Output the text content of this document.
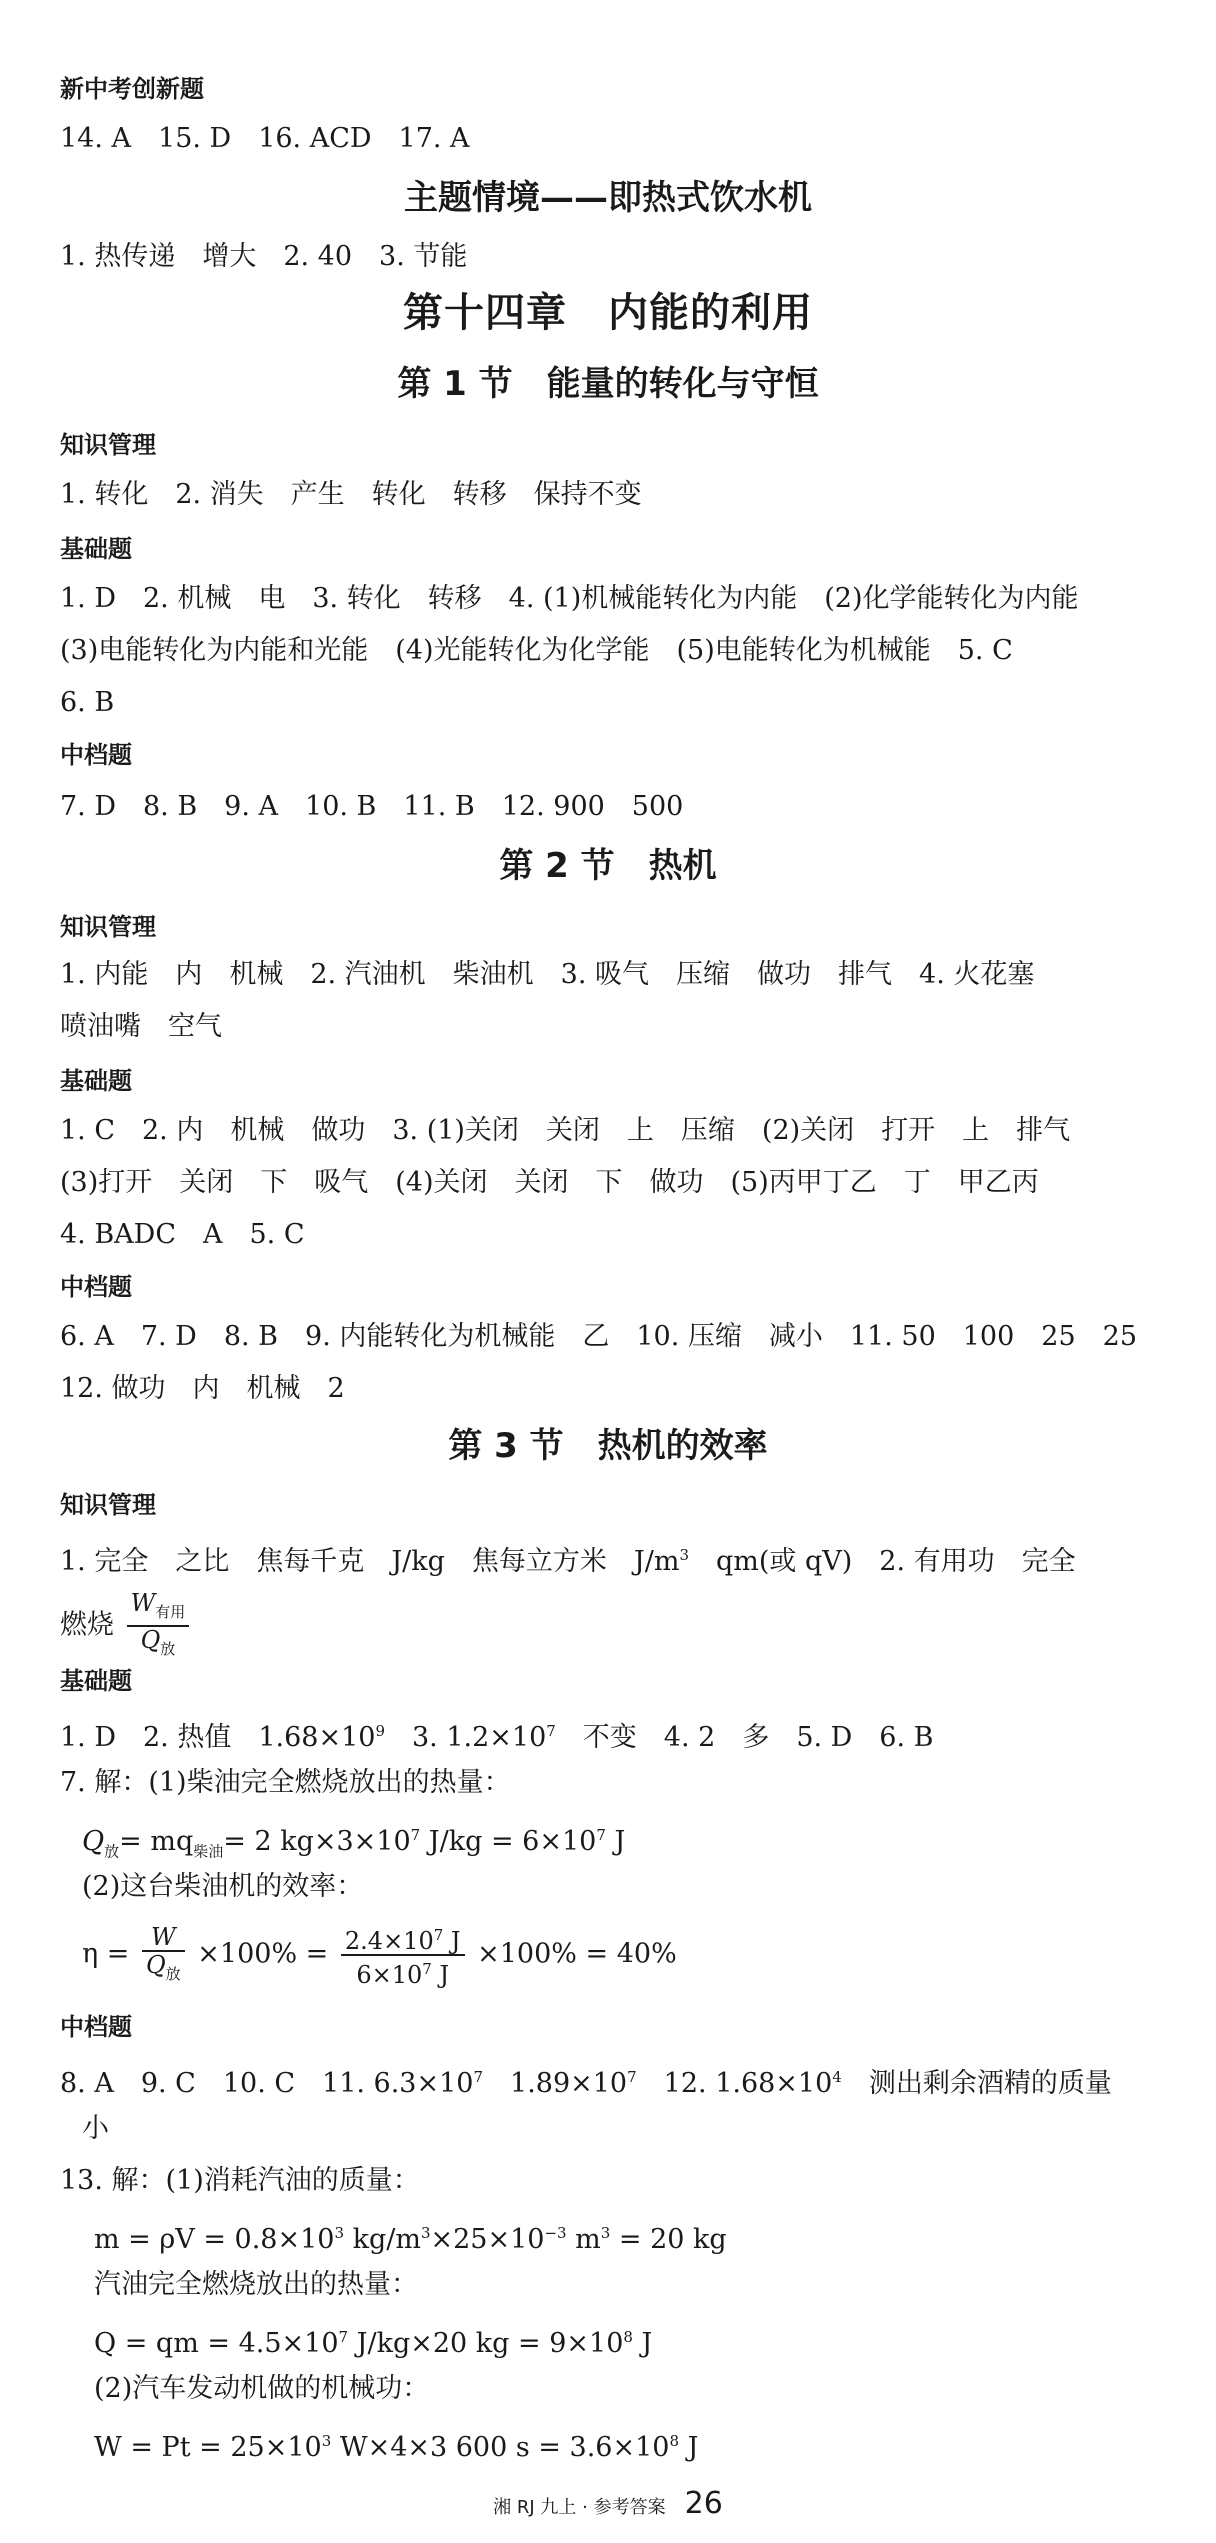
新中考创新题
14. A　15. D　16. ACD　17. A
主题情境——即热式饮水机
1. 热传递　增大　2. 40　3. 节能
第十四章　内能的利用
第 1 节　能量的转化与守恒
知识管理
1. 转化　2. 消失　产生　转化　转移　保持不变
基础题
1. D　2. 机械　电　3. 转化　转移　4. (1)机械能转化为内能　(2)化学能转化为内能
(3)电能转化为内能和光能　(4)光能转化为化学能　(5)电能转化为机械能　5. C
6. B
中档题
7. D　8. B　9. A　10. B　11. B　12. 900　500
第 2 节　热机
知识管理
1. 内能　内　机械　2. 汽油机　柴油机　3. 吸气　压缩　做功　排气　4. 火花塞
喷油嘴　空气
基础题
1. C　2. 内　机械　做功　3. (1)关闭　关闭　上　压缩　(2)关闭　打开　上　排气
(3)打开　关闭　下　吸气　(4)关闭　关闭　下　做功　(5)丙甲丁乙　丁　甲乙丙
4. BADC　A　5. C
中档题
6. A　7. D　8. B　9. 内能转化为机械能　乙　10. 压缩　减小　11. 50　100　25　25
12. 做功　内　机械　2
第 3 节　热机的效率
知识管理
1. 完全　之比　焦每千克　J/kg　焦每立方米　$J/m^3$　qm(或 qV)　2. 有用功　完全
燃烧 $\frac{W_{有用}}{Q_放}$
基础题
1. D　2. 热值　$1.68\times 10^9$　3. $1.2\times 10^7$　不变　4. 2　多　5. D　6. B
7. 解：(1)柴油完全燃烧放出的热量：
$Q_放= mq_{柴油}= 2$ $kg\times 3\times 10^7$ $J/kg = 6\times 10^7$ J
(2)这台柴油机的效率：
$\eta = \frac{W}{Q_放} \times 100\% = \frac{2.4\times 10^7 J}{6\times 10^7 J} \times 100\% = 40\%$
中档题
8. A　9. C　10. C　11. $6.3\times 10^7$　$1.89\times 10^7$　12. $1.68\times 10^4$　测出剩余酒精的质量
小
13. 解：(1)消耗汽油的质量：
$m = \rho V = 0.8\times 10^3$ $kg/m^3\times 25\times 10^{-3}$ $m^3 = 20$ kg
汽油完全燃烧放出的热量：
Q = qm = $4.5\times 10^7$ J/kg×20 kg = $9\times 10^8$ J
(2)汽车发动机做的机械功：
$W = Pt = 25\times 10^3$ W×4×3 600 $s = 3.6\times 10^8$ J
湘 RJ 九上 · 参考答案 26
